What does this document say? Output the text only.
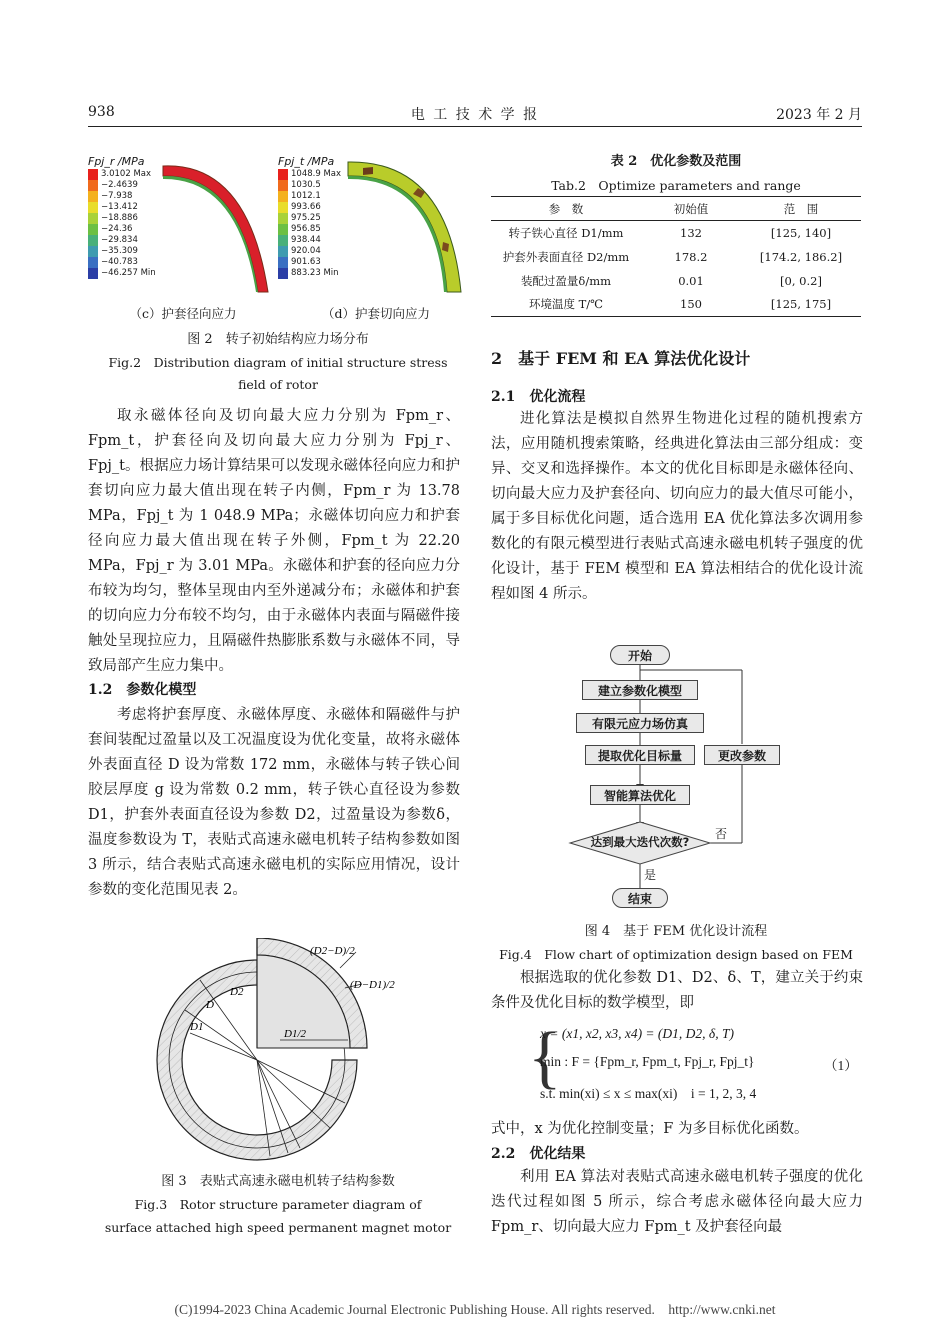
938	电 工 技 术 学 报	2023 年 2 月
Fpj_r /MPa
3.0102 Max
−2.4639
−7.938
−13.412
−18.886
−24.36
−29.834
−35.309
−40.783
−46.257 Min
Fpj_t /MPa
1048.9 Max
1030.5
1012.1
993.66
975.25
956.85
938.44
920.04
901.63
883.23 Min
（c）护套径向应力	（d）护套切向应力
图 2　转子初始结构应力场分布
Fig.2　Distribution diagram of initial structure stress
field of rotor

取永磁体径向及切向最大应力分别为 Fpm_r、Fpm_t，护套径向及切向最大应力分别为 Fpj_r、Fpj_t。根据应力场计算结果可以发现永磁体径向应力和护套切向应力最大值出现在转子内侧，Fpm_r 为 13.78 MPa，Fpj_t 为 1 048.9 MPa；永磁体切向应力和护套径向应力最大值出现在转子外侧，Fpm_t 为 22.20 MPa，Fpj_r 为 3.01 MPa。永磁体和护套的径向应力分布较为均匀，整体呈现由内至外递减分布；永磁体和护套的切向应力分布较不均匀，由于永磁体内表面与隔磁件接触处呈现拉应力，且隔磁件热膨胀系数与永磁体不同，导致局部产生应力集中。

1.2　参数化模型

考虑将护套厚度、永磁体厚度、永磁体和隔磁件与护套间装配过盈量以及工况温度设为优化变量，故将永磁体外表面直径 D 设为常数 172 mm，永磁体与转子铁心间胶层厚度 g 设为常数 0.2 mm，转子铁心直径设为参数 D1，护套外表面直径设为参数 D2，过盈量设为参数δ，温度参数设为 T，表贴式高速永磁电机转子结构参数如图 3 所示，结合表贴式高速永磁电机的实际应用情况，设计参数的变化范围见表 2。

(D2−D)/2
(D−D1)/2
D2
D
D1
D1/2
图 3　表贴式高速永磁电机转子结构参数
Fig.3　Rotor structure parameter diagram of
surface attached high speed permanent magnet motor
表 2　优化参数及范围
Tab.2　Optimize parameters and range
参　数	初始值	范　围
转子铁心直径 D1/mm	132	[125, 140]
护套外表面直径 D2/mm	178.2	[174.2, 186.2]
装配过盈量δ/mm	0.01	[0, 0.2]
环境温度 T/℃	150	[125, 175]
2　基于 FEM 和 EA 算法优化设计
2.1　优化流程

进化算法是模拟自然界生物进化过程的随机搜索方法，应用随机搜索策略，经典进化算法由三部分组成：变异、交叉和选择操作。本文的优化目标即是永磁体径向、切向最大应力及护套径向、切向应力的最大值尽可能小，属于多目标优化问题，适合选用 EA 优化算法多次调用参数化的有限元模型进行表贴式高速永磁电机转子强度的优化设计，基于 FEM 模型和 EA 算法相结合的优化设计流程如图 4 所示。

开始
建立参数化模型
有限元应力场仿真
提取优化目标量	更改参数
智能算法优化
达到最大迭代次数?
否
是
结束
图 4　基于 FEM 优化设计流程
Fig.4　Flow chart of optimization design based on FEM

根据选取的优化参数 D1、D2、δ、T，建立关于约束条件及优化目标的数学模型，即

{
x = (x1, x2, x3, x4) = (D1, D2, δ, T)
min : F = {Fpm_r, Fpm_t, Fpj_r, Fpj_t}
s.t. min(xi) ≤ x ≤ max(xi)　i = 1, 2, 3, 4
（1）
式中，x 为优化控制变量；F 为多目标优化函数。
2.2　优化结果

利用 EA 算法对表贴式高速永磁电机转子强度的优化迭代过程如图 5 所示，综合考虑永磁体径向最大应力 Fpm_r、切向最大应力 Fpm_t 及护套径向最

(C)1994-2023 China Academic Journal Electronic Publishing House. All rights reserved.　http://www.cnki.net
